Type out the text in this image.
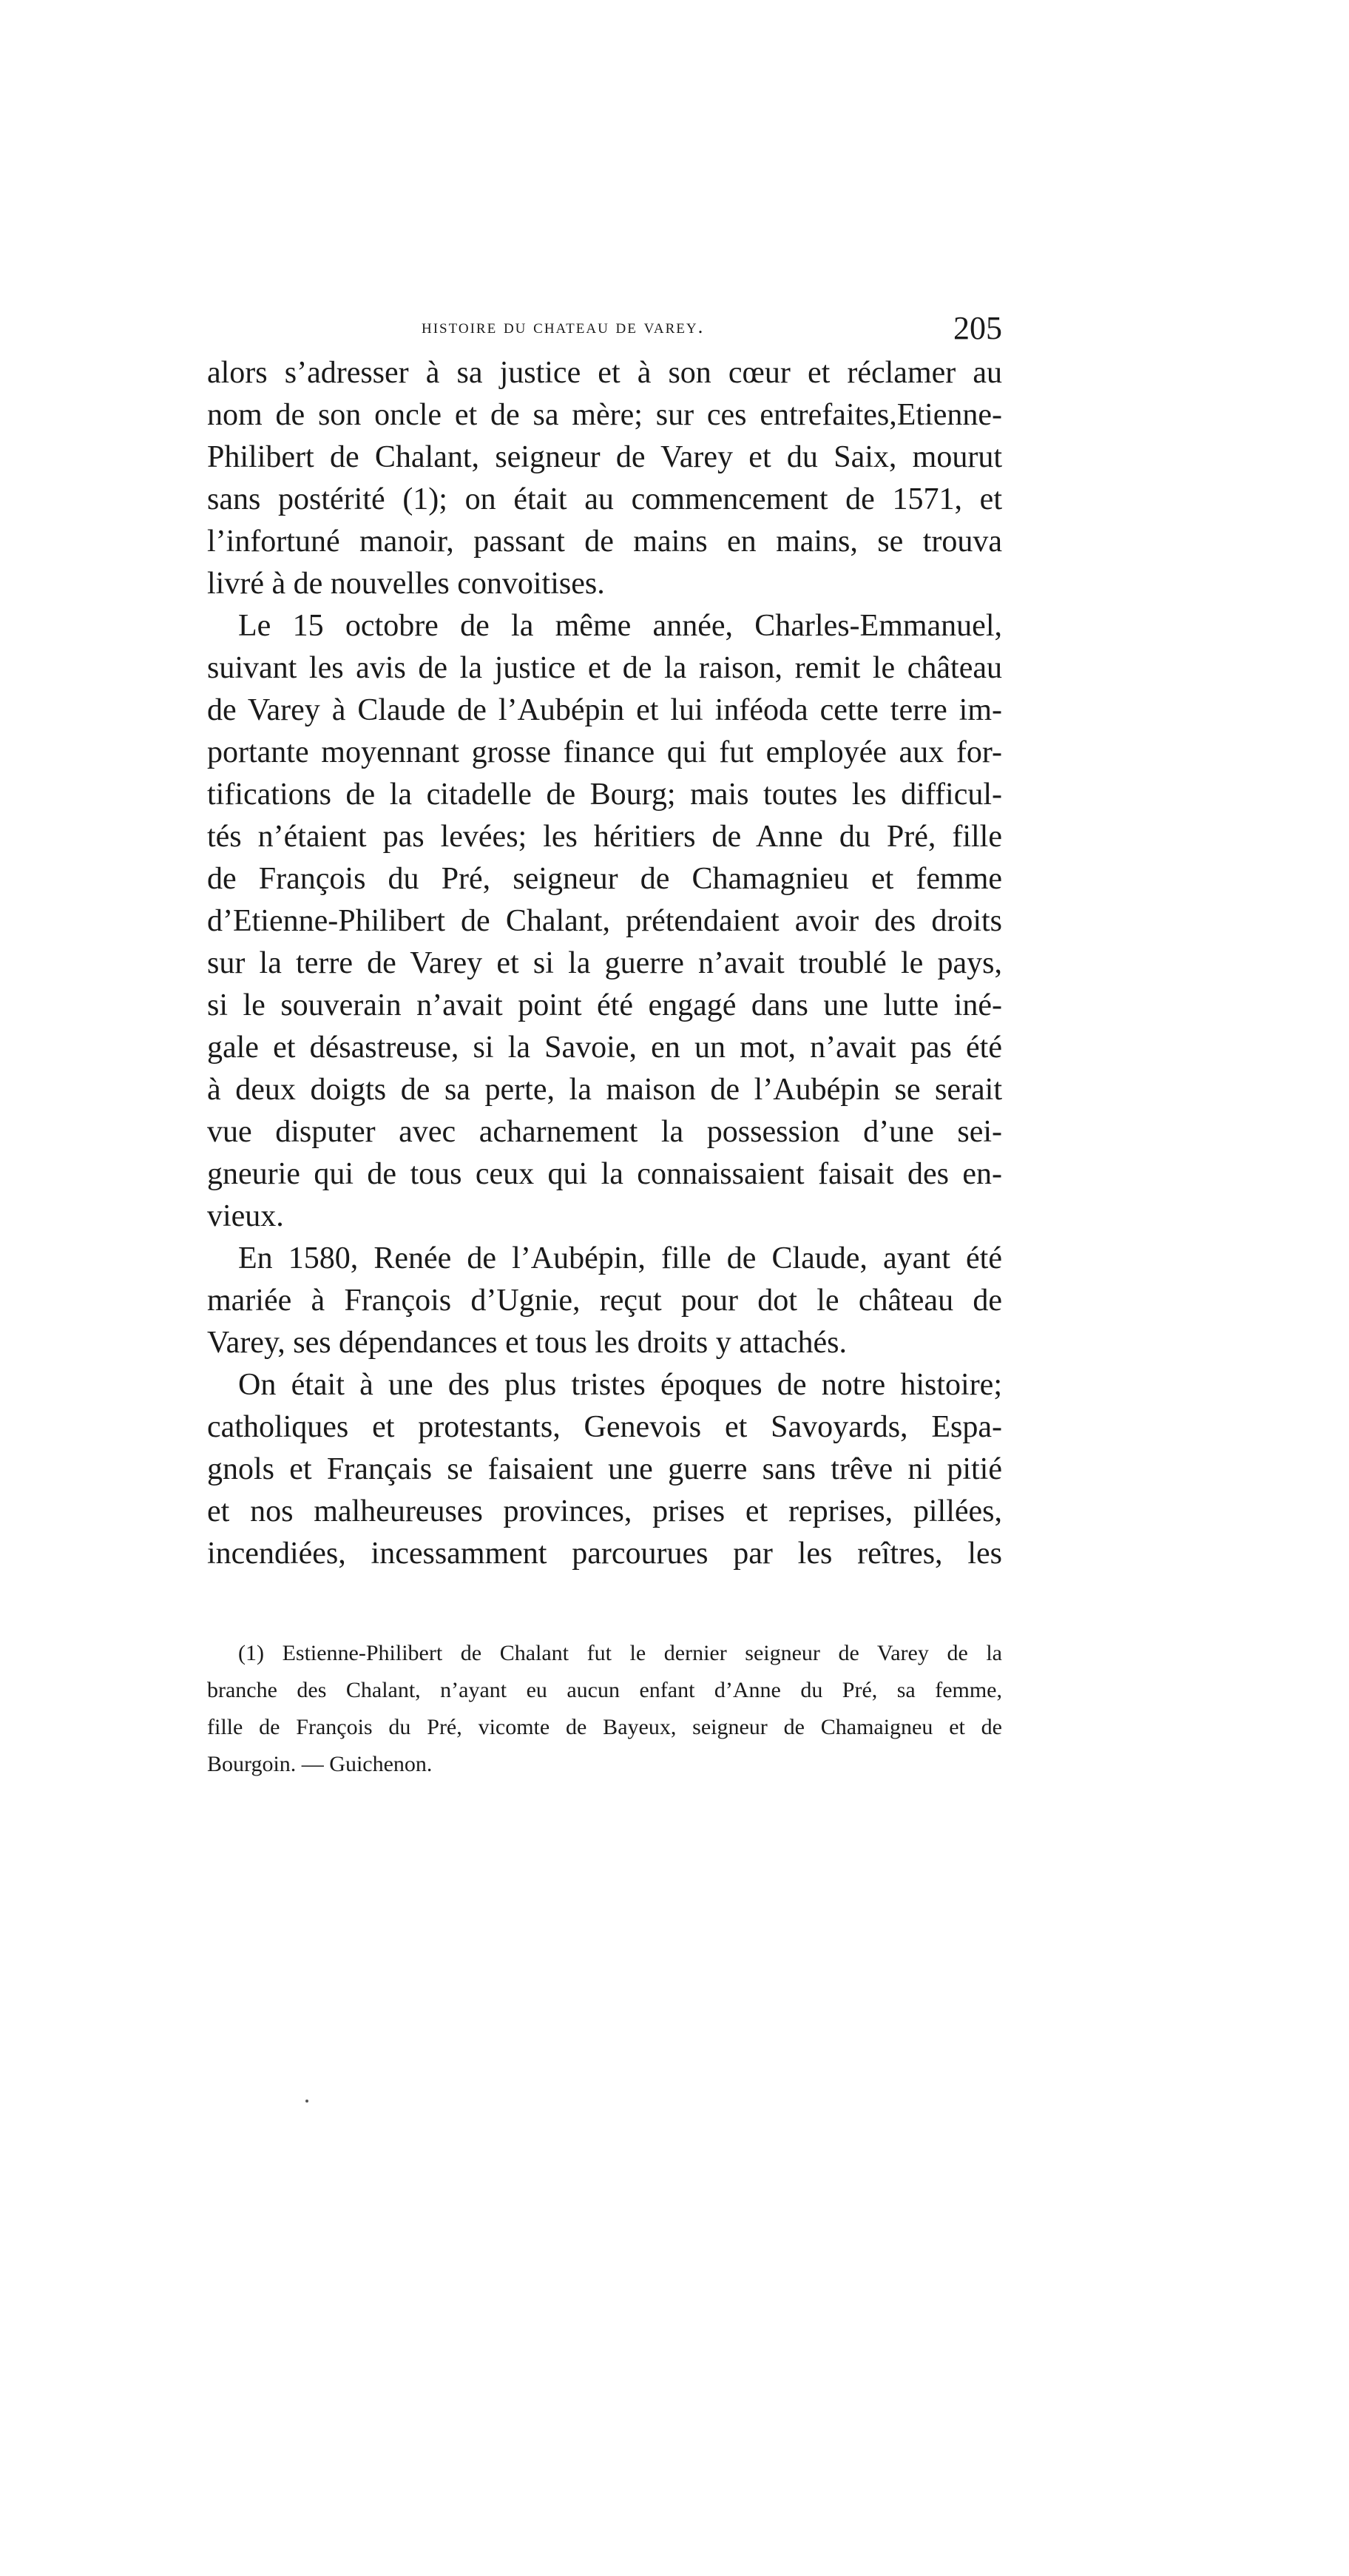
histoire du chateau de varey.	205
alors s’adresser à sa justice et à son cœur et réclamer au
nom de son oncle et de sa mère; sur ces entrefaites,Etienne-
Philibert de Chalant, seigneur de Varey et du Saix, mourut
sans postérité (1); on était au commencement de 1571, et
l’infortuné manoir, passant de mains en mains, se trouva
livré à de nouvelles convoitises.
Le 15 octobre de la même année, Charles-Emmanuel,
suivant les avis de la justice et de la raison, remit le château
de Varey à Claude de l’Aubépin et lui inféoda cette terre im-
portante moyennant grosse finance qui fut employée aux for-
tifications de la citadelle de Bourg; mais toutes les difficul-
tés n’étaient pas levées; les héritiers de Anne du Pré, fille
de François du Pré, seigneur de Chamagnieu et femme
d’Etienne-Philibert de Chalant, prétendaient avoir des droits
sur la terre de Varey et si la guerre n’avait troublé le pays,
si le souverain n’avait point été engagé dans une lutte iné-
gale et désastreuse, si la Savoie, en un mot, n’avait pas été
à deux doigts de sa perte, la maison de l’Aubépin se serait
vue disputer avec acharnement la possession d’une sei-
gneurie qui de tous ceux qui la connaissaient faisait des en-
vieux.
En 1580, Renée de l’Aubépin, fille de Claude, ayant été
mariée à François d’Ugnie, reçut pour dot le château de
Varey, ses dépendances et tous les droits y attachés.
On était à une des plus tristes époques de notre histoire;
catholiques et protestants, Genevois et Savoyards, Espa-
gnols et Français se faisaient une guerre sans trêve ni pitié
et nos malheureuses provinces, prises et reprises, pillées,
incendiées, incessamment parcourues par les reîtres, les
(1) Estienne-Philibert de Chalant fut le dernier seigneur de Varey de la
branche des Chalant, n’ayant eu aucun enfant d’Anne du Pré, sa femme,
fille de François du Pré, vicomte de Bayeux, seigneur de Chamaigneu et de
Bourgoin. — Guichenon.
